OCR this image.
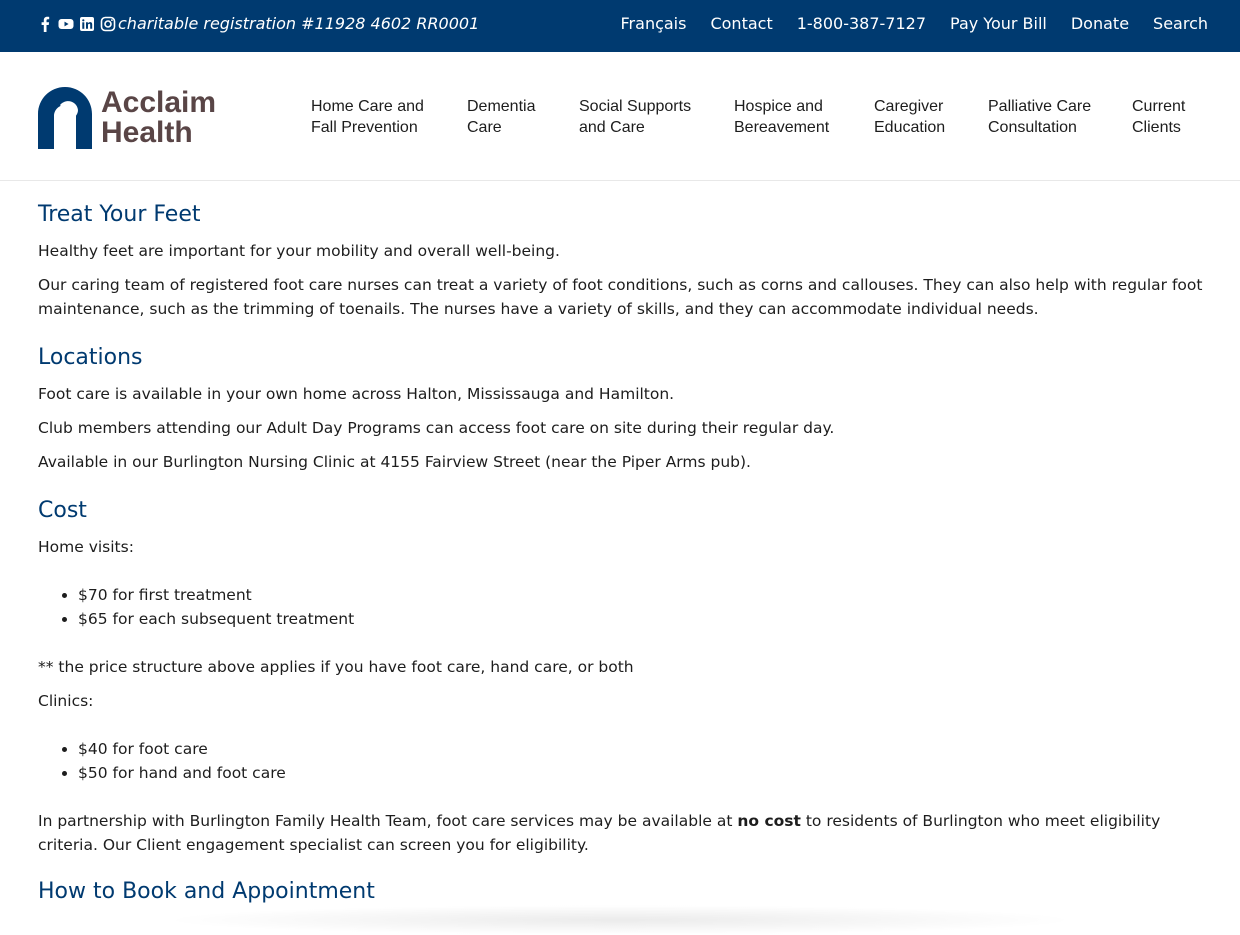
charitable registration #11928 4602 RR0001	Français Contact 1-800-387-7127 Pay Your Bill Donate Search
Acclaim
Health
Home Care and
Fall Prevention
Dementia
Care
Social Supports
and Care
Hospice and
Bereavement
Caregiver
Education
Palliative Care
Consultation
Current
Clients
Treat Your Feet

Healthy feet are important for your mobility and overall well-being.

Our caring team of registered foot care nurses can treat a variety of foot conditions, such as corns and callouses. They can also help with regular foot maintenance, such as the trimming of toenails. The nurses have a variety of skills, and they can accommodate individual needs.

Locations

Foot care is available in your own home across Halton, Mississauga and Hamilton.

Club members attending our Adult Day Programs can access foot care on site during their regular day.

Available in our Burlington Nursing Clinic at 4155 Fairview Street (near the Piper Arms pub).

Cost

Home visits:

• $70 for first treatment
• $65 for each subsequent treatment

** the price structure above applies if you have foot care, hand care, or both

Clinics:

• $40 for foot care
• $50 for hand and foot care

In partnership with Burlington Family Health Team, foot care services may be available at no cost to residents of Burlington who meet eligibility criteria. Our Client engagement specialist can screen you for eligibility.

How to Book and Appointment
